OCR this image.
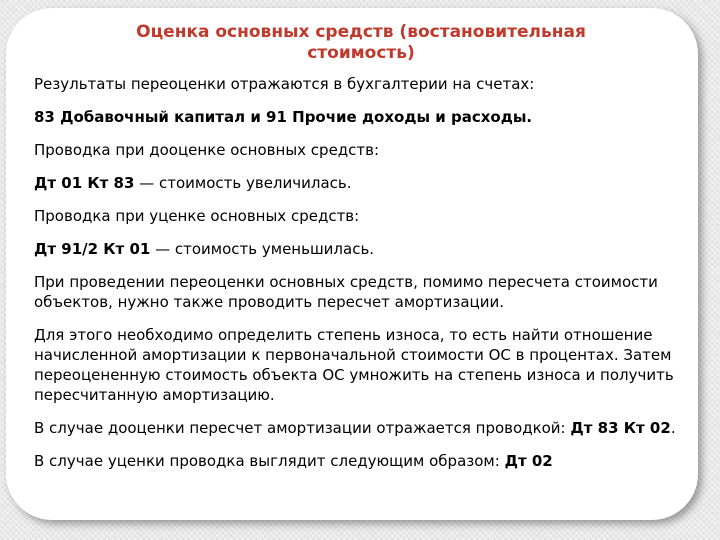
Оценка основных средств (востановительная
стоимость)

Результаты переоценки отражаются в бухгалтерии на счетах:

83 Добавочный капитал и 91 Прочие доходы и расходы.

Проводка при дооценке основных средств:

Дт 01 Кт 83 — стоимость увеличилась.

Проводка при уценке основных средств:

Дт 91/2 Кт 01 — стоимость уменьшилась.

При проведении переоценки основных средств, помимо пересчета стоимости объектов, нужно также проводить пересчет амортизации.

Для этого необходимо определить степень износа, то есть найти отношение начисленной амортизации к первоначальной стоимости ОС в процентах. Затем переоцененную стоимость объекта ОС умножить на степень износа и получить пересчитанную амортизацию.

В случае дооценки пересчет амортизации отражается проводкой: Дт 83 Кт 02.

В случае уценки проводка выглядит следующим образом: Дт 02
